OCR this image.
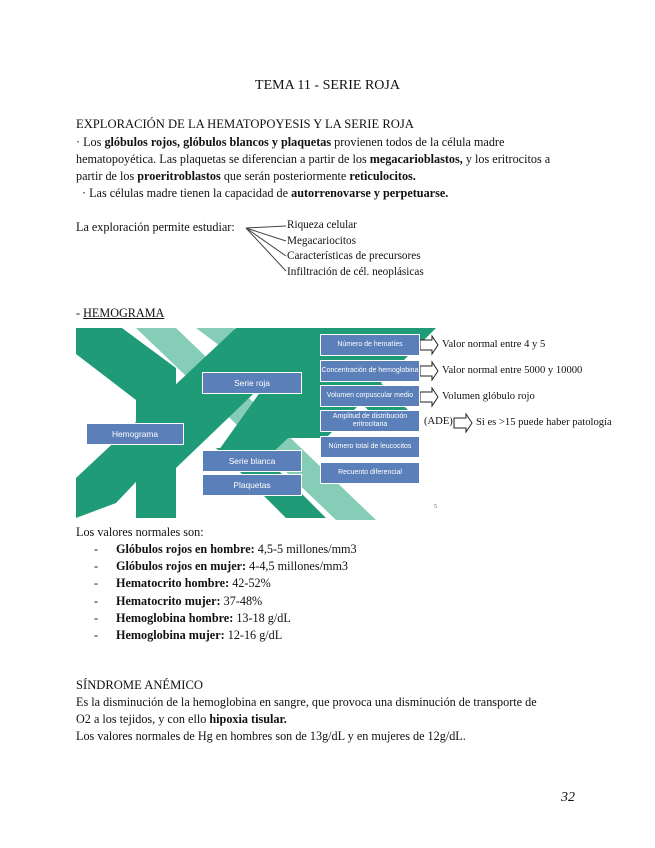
TEMA 11 - SERIE ROJA
EXPLORACIÓN DE LA HEMATOPOYESIS Y LA SERIE ROJA
· Los glóbulos rojos, glóbulos blancos y plaquetas provienen todos de la célula madre
hematopoyética. Las plaquetas se diferencian a partir de los megacarioblastos, y los eritrocitos a
partir de los proeritroblastos que serán posteriormente reticulocitos.
· Las células madre tienen la capacidad de autorrenovarse y perpetuarse.
La exploración permite estudiar:	Riqueza celular
Megacariocitos
Características de precursores
Infiltración de cél. neoplásicas
- HEMOGRAMA
Hemograma
Serie roja
Serie blanca
Plaquetas
Número de hematíes
Concentración de hemoglobina
Volumen corpuscular medio
Amplitud de distribución eritrocitaria
Número total de leucocitos
Recuento diferencial
Valor normal entre 4 y 5
Valor normal entre 5000 y 10000
Volumen glóbulo rojo
(ADE) Si es >15 puede haber patología
5
Los valores normales son:
- Glóbulos rojos en hombre: 4,5-5 millones/mm3
- Glóbulos rojos en mujer: 4-4,5 millones/mm3
- Hematocrito hombre: 42-52%
- Hematocrito mujer: 37-48%
- Hemoglobina hombre: 13-18 g/dL
- Hemoglobina mujer: 12-16 g/dL
SÍNDROME ANÉMICO
Es la disminución de la hemoglobina en sangre, que provoca una disminución de transporte de
O2 a los tejidos, y con ello hipoxia tisular.
Los valores normales de Hg en hombres son de 13g/dL y en mujeres de 12g/dL.
32
